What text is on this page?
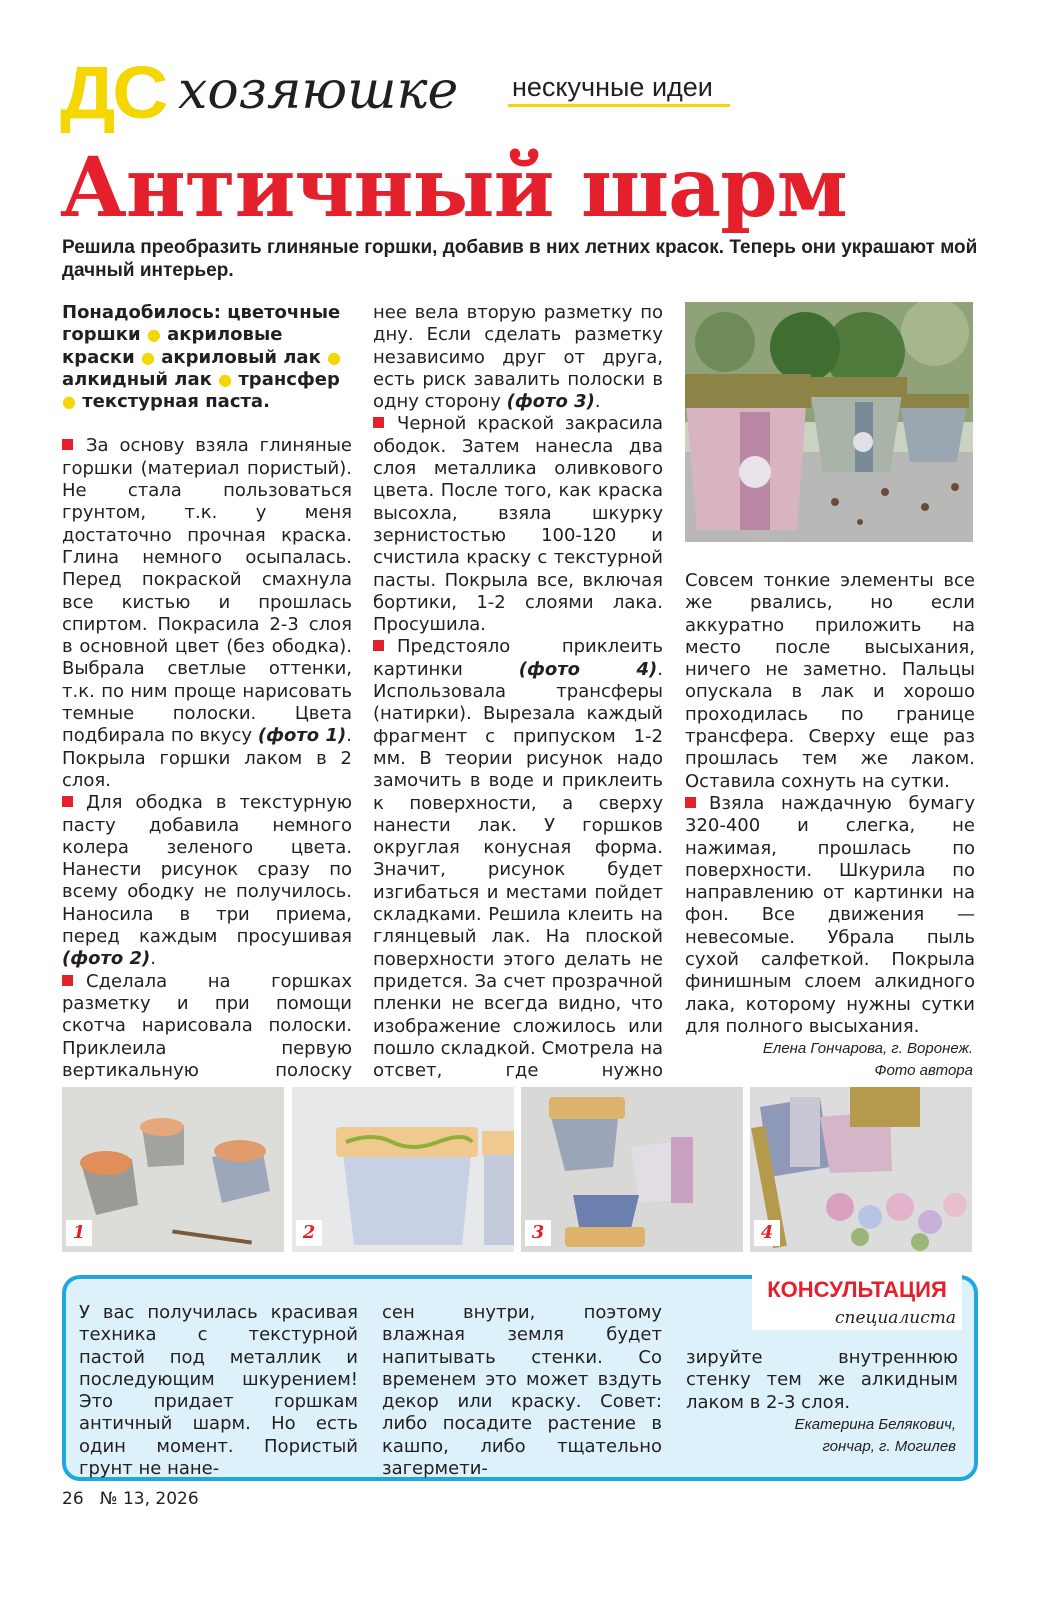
ДС хозяюшке нескучные идеи
Античный шарм
Решила преобразить глиняные горшки, добавив в них летних красок. Теперь они украшают мой дачный интерьер.

Понадобилось: цветочные горшки ● акриловые краски ● акриловый лак ● алкидный лак ● трансфер ● текстурная паста.

За основу взяла глиняные горшки (материал пористый). Не стала пользоваться грунтом, т.к. у меня достаточно прочная краска. Глина немного осыпалась. Перед покраской смахнула все кистью и прошлась спиртом. Покрасила 2-3 слоя в основной цвет (без ободка). Выбрала светлые оттенки, т.к. по ним проще нарисовать темные полоски. Цвета подбирала по вкусу (фото 1). Покрыла горшки лаком в 2 слоя.

Для ободка в текстурную пасту добавила немного колера зеленого цвета. Нанести рисунок сразу по всему ободку не получилось. Наносила в три приема, перед каждым просушивая (фото 2).

Сделала на горшках разметку и при помощи скотча нарисовала полоски. Приклеила первую вертикальную полоску

нее вела вторую разметку по дну. Если сделать разметку независимо друг от друга, есть риск завалить полоски в одну сторону (фото 3).

Черной краской закрасила ободок. Затем нанесла два слоя металлика оливкового цвета. После того, как краска высохла, взяла шкурку зернистостью 100-120 и счистила краску с текстурной пасты. Покрыла все, включая бортики, 1-2 слоями лака. Просушила.

Предстояло приклеить картинки	(фото 4). Использовала трансферы (натирки). Вырезала каждый фрагмент с припуском 1-2 мм. В теории рисунок надо замочить в воде и приклеить к поверхности, а сверху нанести лак. У горшков округлая конусная форма. Значит, рисунок будет изгибаться и местами пойдет складками. Решила клеить на глянцевый лак. На плоской поверхности этого делать не придется. За счет прозрачной пленки не всегда видно, что изображение сложилось или пошло складкой. Смотрела на отсвет, где нужно

Совсем тонкие элементы все же рвались, но если аккуратно приложить на место после высыхания, ничего не заметно. Пальцы опускала в лак и хорошо проходилась по границе трансфера. Сверху еще раз прошлась тем же лаком. Оставила сохнуть на сутки.

Взяла наждачную бумагу 320-400 и слегка, не нажимая, прошлась по поверхности. Шкурила по направлению от картинки на фон. Все движения — невесомые. Убрала пыль сухой салфеткой. Покрыла финишным слоем алкидного лака, которому нужны сутки для полного высыхания.

Елена Гончарова, г. Воронеж.
Фото автора
1	2	3	4
КОНСУЛЬТАЦИЯ
специалиста

У вас получилась красивая техника с текстурной пастой под металлик и последующим шкурением! Это придает горшкам античный шарм. Но есть один момент. Пористый грунт не нане-

сен внутри, поэтому влажная земля будет напитывать стенки. Со временем это может вздуть декор или краску. Совет: либо посадите растение в кашпо, либо тщательно загермети-

зируйте внутреннюю стенку тем же алкидным лаком в 2-3 слоя.

Екатерина Белякович,
гончар, г. Могилев
26 № 13, 2026
